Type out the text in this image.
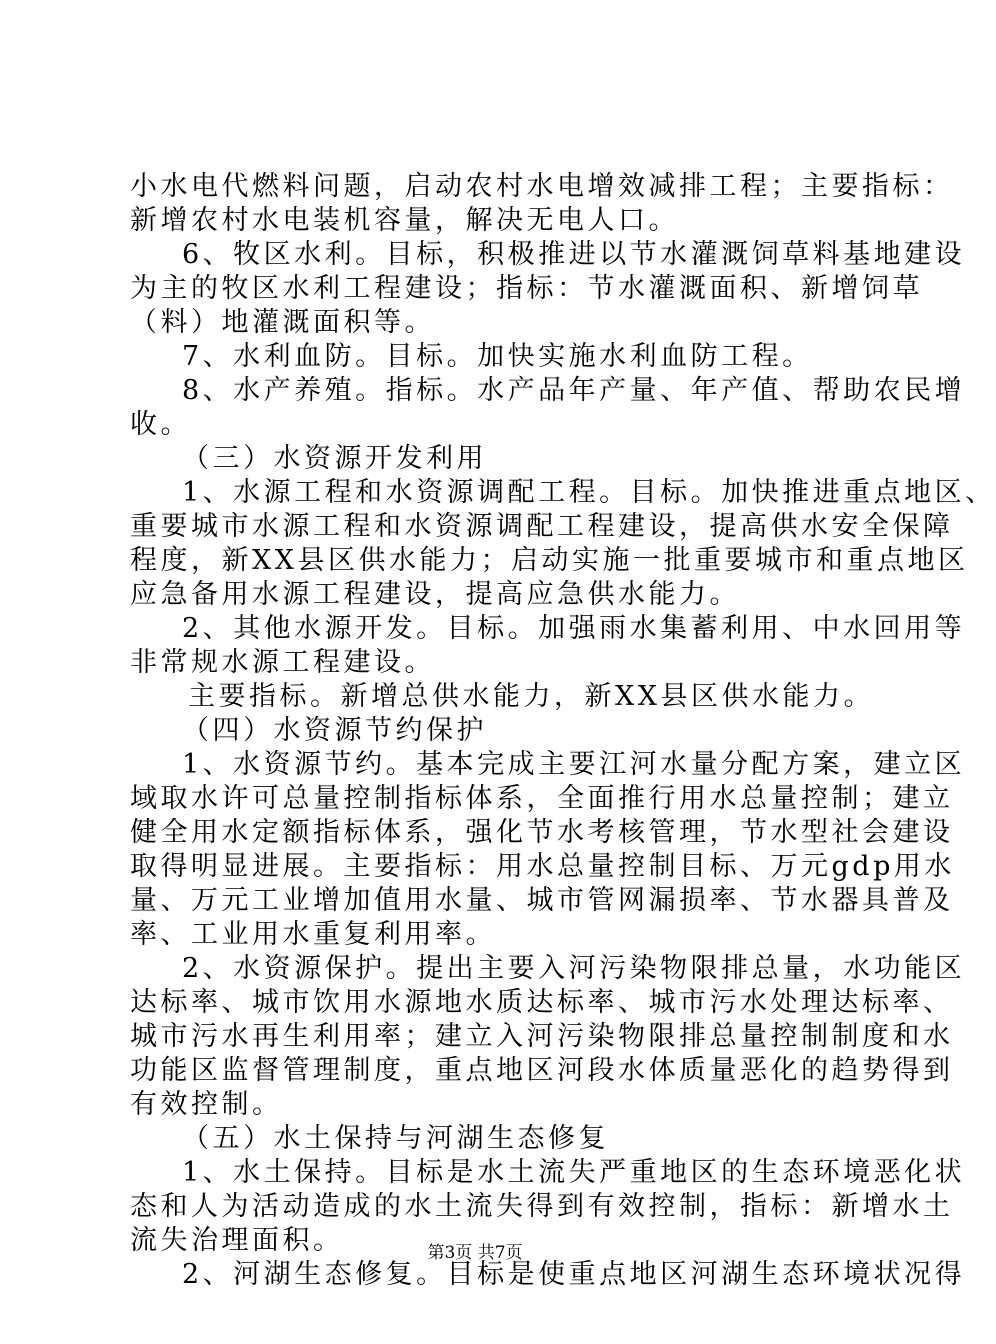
小水电代燃料问题，启动农村水电增效减排工程；主要指标：
新增农村水电装机容量，解决无电人口。
6、牧区水利。目标，积极推进以节水灌溉饲草料基地建设
为主的牧区水利工程建设；指标：节水灌溉面积、新增饲草
（料）地灌溉面积等。
7、水利血防。目标。加快实施水利血防工程。
8、水产养殖。指标。水产品年产量、年产值、帮助农民增
收。
（三）水资源开发利用
1、水源工程和水资源调配工程。目标。加快推进重点地区、
重要城市水源工程和水资源调配工程建设，提高供水安全保障
程度，新XX县区供水能力；启动实施一批重要城市和重点地区
应急备用水源工程建设，提高应急供水能力。
2、其他水源开发。目标。加强雨水集蓄利用、中水回用等
非常规水源工程建设。
主要指标。新增总供水能力，新XX县区供水能力。
（四）水资源节约保护
1、水资源节约。基本完成主要江河水量分配方案，建立区
域取水许可总量控制指标体系，全面推行用水总量控制；建立
健全用水定额指标体系，强化节水考核管理，节水型社会建设
取得明显进展。主要指标：用水总量控制目标、万元gdp用水
量、万元工业增加值用水量、城市管网漏损率、节水器具普及
率、工业用水重复利用率。
2、水资源保护。提出主要入河污染物限排总量，水功能区
达标率、城市饮用水源地水质达标率、城市污水处理达标率、
城市污水再生利用率；建立入河污染物限排总量控制制度和水
功能区监督管理制度，重点地区河段水体质量恶化的趋势得到
有效控制。
（五）水土保持与河湖生态修复
1、水土保持。目标是水土流失严重地区的生态环境恶化状
态和人为活动造成的水土流失得到有效控制，指标：新增水土
流失治理面积。
2、河湖生态修复。目标是使重点地区河湖生态环境状况得
第3页 共7页
